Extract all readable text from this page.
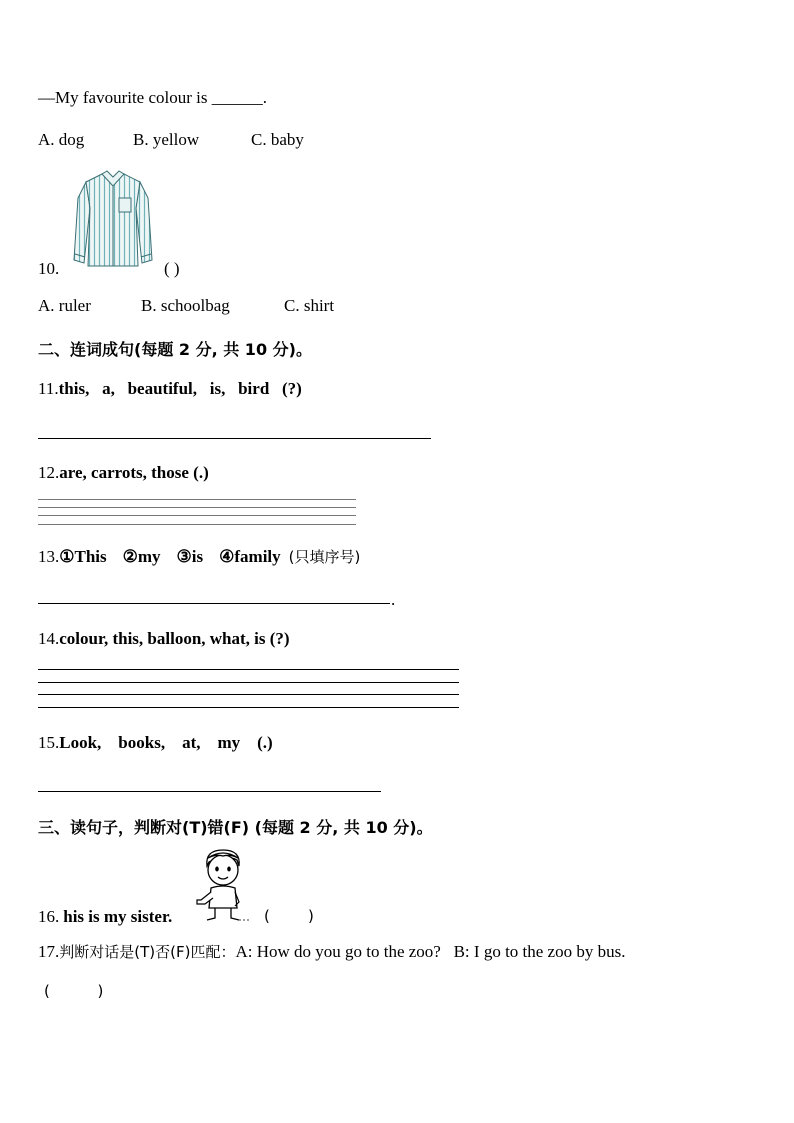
—My favourite colour is ______.
A. dog	B. yellow	C. baby
10.	( )
A. ruler	B. schoolbag	C. shirt
二、连词成句(每题 2 分, 共 10 分)。
11.this,   a,   beautiful,   is,   bird   (?)
12.are, carrots, those (.)
13.①This ②my ③is ④family (只填序号)
.
14.colour, this, balloon, what, is (?)
15.Look,    books,    at,    my    (.)
三、读句子，判断对(T)错(F) (每题 2 分, 共 10 分)。
16. his is my sister.	(        )
17.判断对话是(T)否(F)匹配：A: How do you go to the zoo?   B: I go to the zoo by bus.
(          )
